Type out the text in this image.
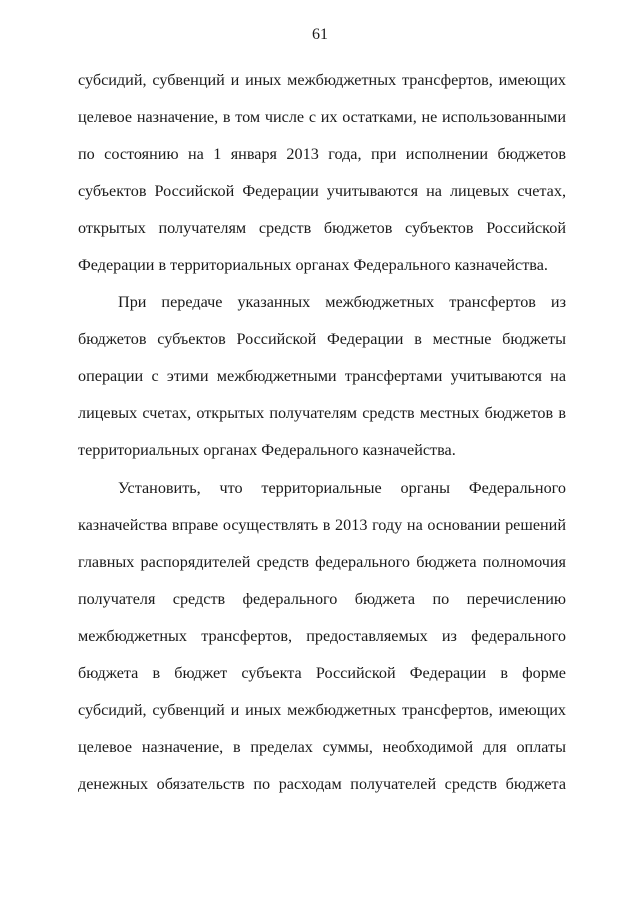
61
субсидий, субвенций и иных межбюджетных трансфертов, имеющих
целевое назначение, в том числе с их остатками, не использованными
по состоянию на 1 января 2013 года, при исполнении бюджетов
субъектов Российской Федерации учитываются на лицевых счетах,
открытых получателям средств бюджетов субъектов Российской
Федерации в территориальных органах Федерального казначейства.
При передаче указанных межбюджетных трансфертов из
бюджетов субъектов Российской Федерации в местные бюджеты
операции с этими межбюджетными трансфертами учитываются на
лицевых счетах, открытых получателям средств местных бюджетов в
территориальных органах Федерального казначейства.
Установить, что территориальные органы Федерального
казначейства вправе осуществлять в 2013 году на основании решений
главных распорядителей средств федерального бюджета полномочия
получателя средств федерального бюджета по перечислению
межбюджетных трансфертов, предоставляемых из федерального
бюджета в бюджет субъекта Российской Федерации в форме
субсидий, субвенций и иных межбюджетных трансфертов, имеющих
целевое назначение, в пределах суммы, необходимой для оплаты
денежных обязательств по расходам получателей средств бюджета
